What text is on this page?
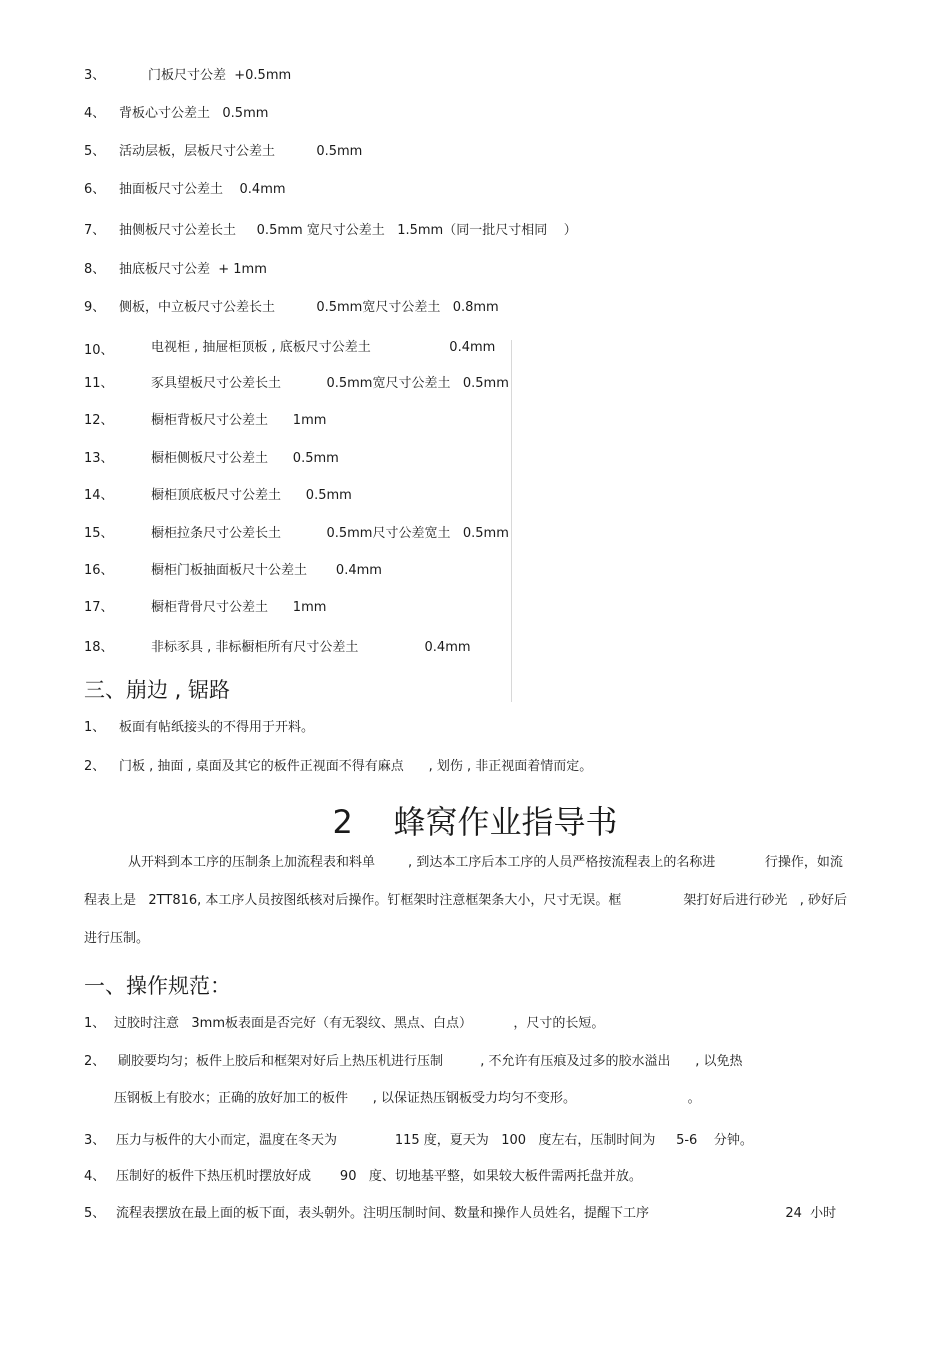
3、	门板尺寸公差  +0.5mm
4、 背板心寸公差土   0.5mm
5、 活动层板，层板尺寸公差土          0.5mm
6、 抽面板尺寸公差土    0.4mm
7、 抽侧板尺寸公差长土     0.5mm 宽尺寸公差土   1.5mm（同一批尺寸相同    ）
8、 抽底板尺寸公差  + 1mm
9、 侧板，中立板尺寸公差长土          0.5mm宽尺寸公差土   0.8mm
10、	电视柜 , 抽屉柜顶板 , 底板尺寸公差土                   0.4mm
11、	豕具望板尺寸公差长土           0.5mm宽尺寸公差土   0.5mm
12、	橱柜背板尺寸公差土      1mm
13、	橱柜侧板尺寸公差土      0.5mm
14、	橱柜顶底板尺寸公差土      0.5mm
15、	橱柜拉条尺寸公差长土           0.5mm尺寸公差宽土   0.5mm
16、	橱柜门板抽面板尺十公差土       0.4mm
17、	橱柜背骨尺寸公差土      1mm
18、	非标豕具 , 非标橱柜所有尺寸公差土                0.4mm
三、崩边 , 锯路
1、 板面有帖纸接头的不得用于开料。
2、 门板 , 抽面 , 桌面及其它的板件正视面不得有麻点      , 划伤 , 非正视面着情而定。
2    蜂窝作业指导书
从开料到本工序的压制条上加流程表和料单        , 到达本工序后本工序的人员严格按流程表上的名称进            行操作，如流
程表上是   2TT816, 本工序人员按图纸核对后操作。钉框架时注意框架条大小，尺寸无误。框               架打好后进行砂光   , 砂好后
进行压制。
一、操作规范：
1、 过胶时注意   3mm板表面是否完好（有无裂纹、黑点、白点）          ，尺寸的长短。
2、 刷胶要均匀；板件上胶后和框架对好后上热压机进行压制         , 不允许有压痕及过多的胶水溢出      , 以免热
压钢板上有胶水；正确的放好加工的板件      , 以保证热压钢板受力均匀不变形。                           。
3、 压力与板件的大小而定，温度在冬天为              115 度，夏天为   100   度左右，压制时间为     5-6    分钟。
4、 压制好的板件下热压机时摆放好成       90   度、切地基平整，如果较大板件需两托盘并放。
5、 流程表摆放在最上面的板下面，表头朝外。注明压制时间、数量和操作人员姓名，提醒下工序                                 24  小时
